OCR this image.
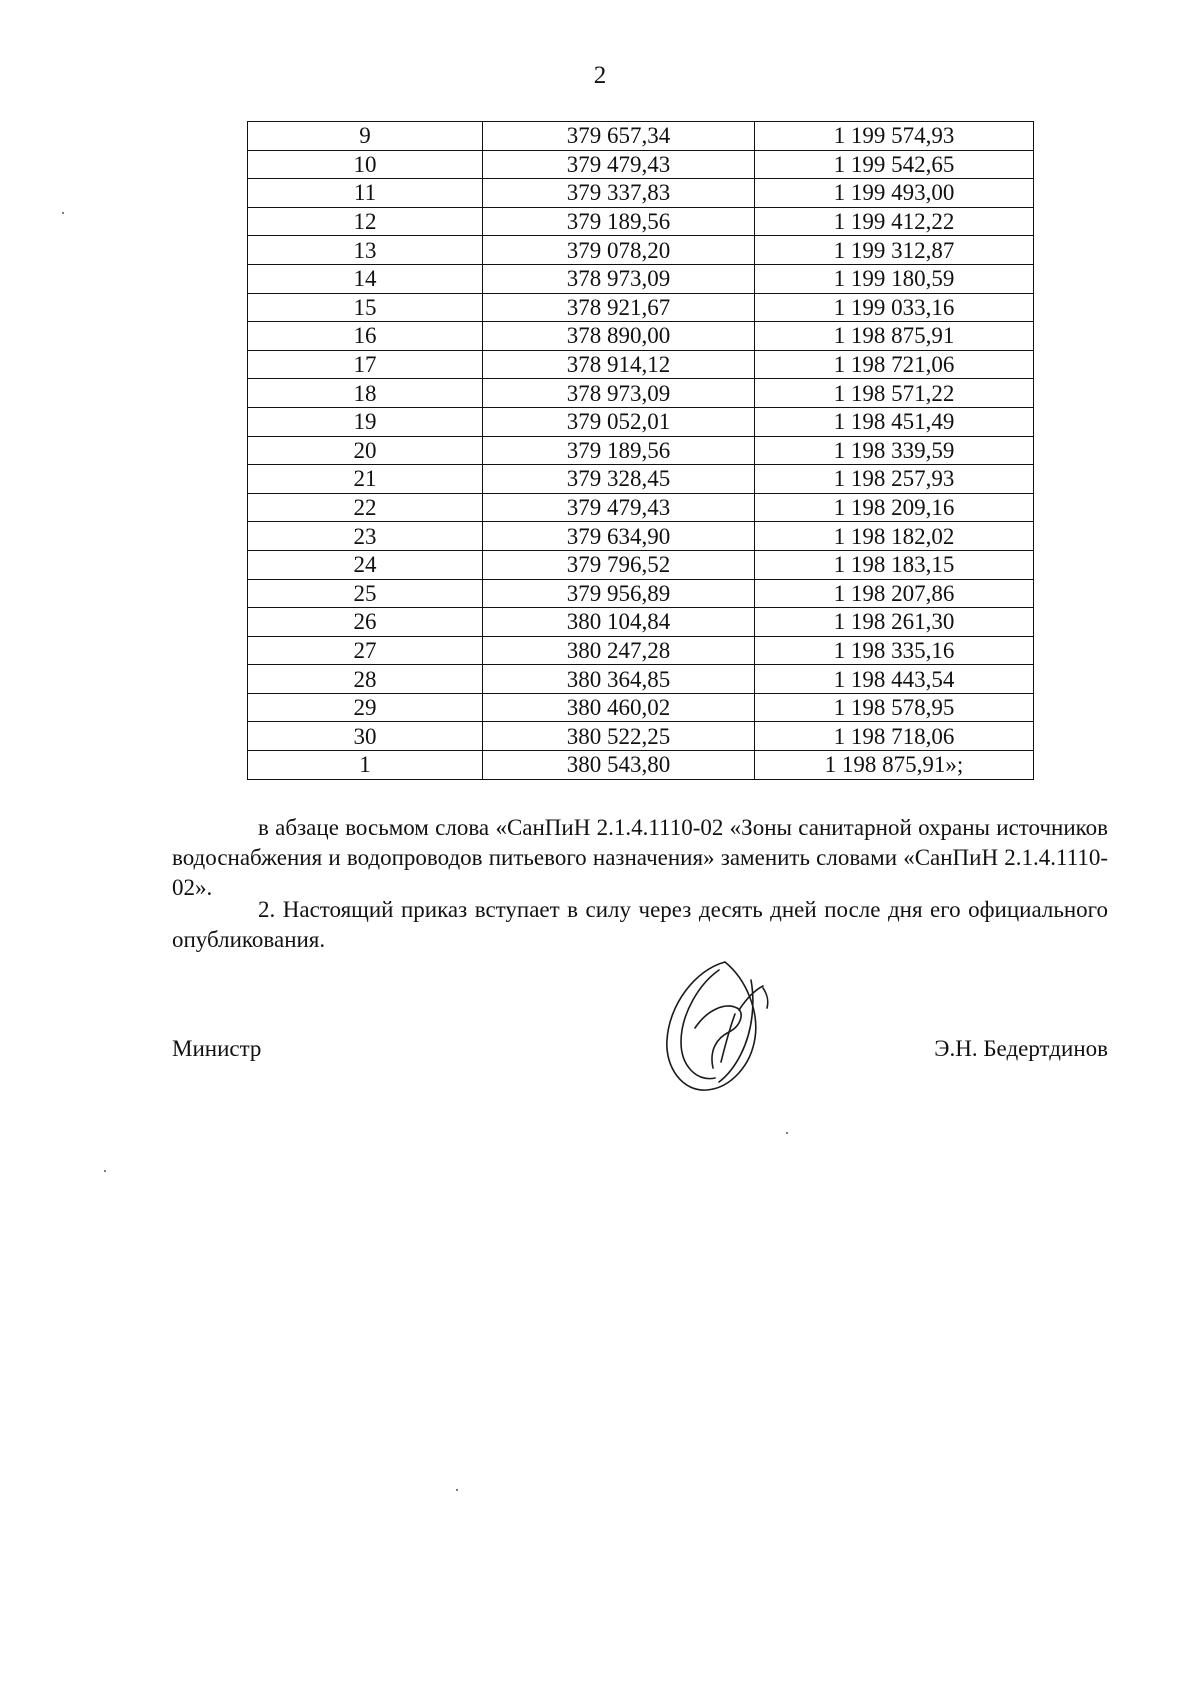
2
9	379 657,34	1 199 574,93
10	379 479,43	1 199 542,65
11	379 337,83	1 199 493,00
12	379 189,56	1 199 412,22
13	379 078,20	1 199 312,87
14	378 973,09	1 199 180,59
15	378 921,67	1 199 033,16
16	378 890,00	1 198 875,91
17	378 914,12	1 198 721,06
18	378 973,09	1 198 571,22
19	379 052,01	1 198 451,49
20	379 189,56	1 198 339,59
21	379 328,45	1 198 257,93
22	379 479,43	1 198 209,16
23	379 634,90	1 198 182,02
24	379 796,52	1 198 183,15
25	379 956,89	1 198 207,86
26	380 104,84	1 198 261,30
27	380 247,28	1 198 335,16
28	380 364,85	1 198 443,54
29	380 460,02	1 198 578,95
30	380 522,25	1 198 718,06
1	380 543,80	1 198 875,91»;

в абзаце восьмом слова «СанПиН 2.1.4.1110-02 «Зоны санитарной охраны источников водоснабжения и водопроводов питьевого назначения» заменить словами «СанПиН 2.1.4.1110-02».

2. Настоящий приказ вступает в силу через десять дней после дня его официального опубликования.

Министр	Э.Н. Бедертдинов
